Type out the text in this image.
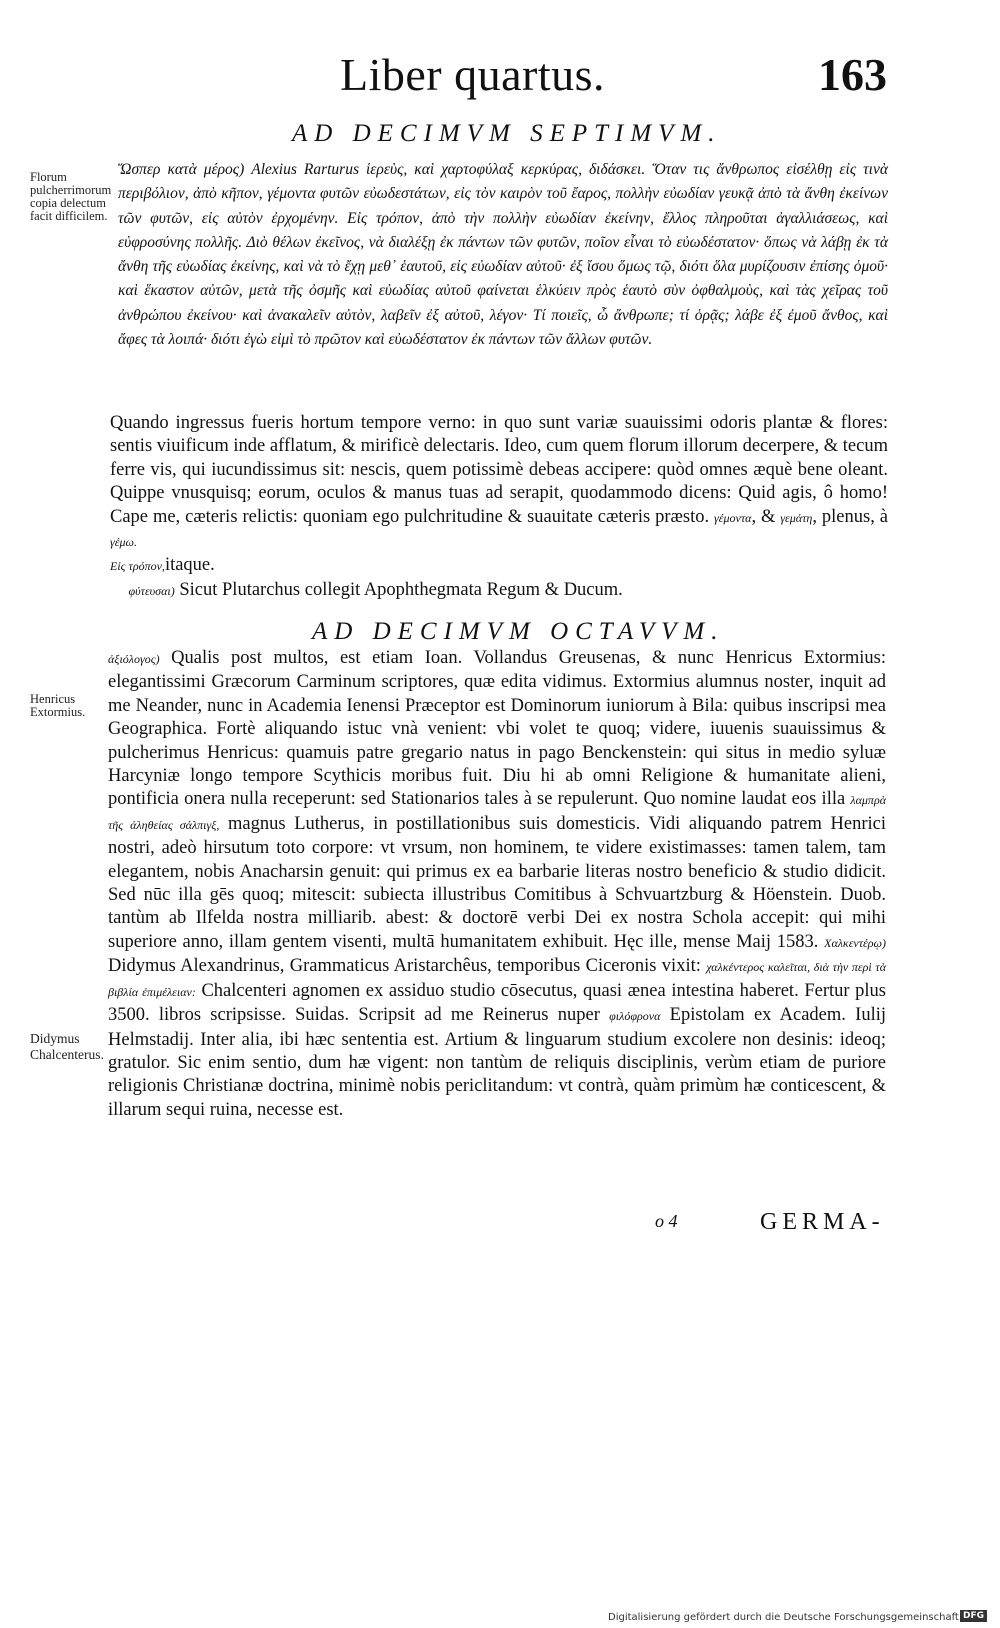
Liber quartus.	163
AD DECIMVM SEPTIMVM.
Florum pulcherrimorum copia delectum facit difficilem.
Ὥσπερ κατὰ μέρος) Alexius Rarturus ἱερεὺς, καὶ χαρτοφύλαξ κερκύρας, διδάσκει. Ὅταν τις ἄνθρωπος εἰσέλθῃ εἰς τινὰ περιβόλιον, ἀπὸ κῆπον, γέμοντα φυτῶν εὐωδεστάτων, εἰς τὸν καιρὸν τοῦ ἔαρος, πολλὴν εὐωδίαν γευκᾷ ἀπὸ τὰ ἄνθη ἐκείνων τῶν φυτῶν, εἰς αὐτὸν ἐρχομένην. Εἰς τρόπον, ἀπὸ τὴν πολλὴν εὐωδίαν ἐκείνην, ἔλλος πληροῦται ἀγαλλιάσεως, καὶ εὐφροσύνης πολλῆς. Διὸ θέλων ἐκεῖνος, νὰ διαλέξῃ ἐκ πάντων τῶν φυτῶν, ποῖον εἶναι τὸ εὐωδέστατον· ὅπως νὰ λάβῃ ἐκ τὰ ἄνθη τῆς εὐωδίας ἐκείνης, καὶ νὰ τὸ ἔχῃ μεθ᾽ ἑαυτοῦ, εἰς εὐωδίαν αὐτοῦ· ἐξ ἴσου ὅμως τῷ, διότι ὅλα μυρίζουσιν ἐπίσης ὁμοῦ· καὶ ἕκαστον αὐτῶν, μετὰ τῆς ὀσμῆς καὶ εὐωδίας αὐτοῦ φαίνεται ἑλκύειν πρὸς ἑαυτὸ σὺν ὀφθαλμοὺς, καὶ τὰς χεῖρας τοῦ ἀνθρώπου ἐκείνου· καὶ ἀνακαλεῖν αὐτὸν, λαβεῖν ἐξ αὐτοῦ, λέγον· Τί ποιεῖς, ὦ ἄνθρωπε; τί ὁρᾷς; λάβε ἐξ ἐμοῦ ἄνθος, καὶ ἄφες τὰ λοιπά· διότι ἐγὼ εἰμὶ τὸ πρῶτον καὶ εὐωδέστατον ἐκ πάντων τῶν ἄλλων φυτῶν.
Quando ingressus fueris hortum tempore verno: in quo sunt variæ suauissimi odoris plantæ & flores: sentis viuificum inde afflatum, & mirificè delectaris. Ideo, cum quem florum illorum decerpere, & tecum ferre vis, qui iucundissimus sit: nescis, quem potissimè debeas accipere: quòd omnes æquè bene oleant. Quippe vnusquisq; eorum, oculos & manus tuas ad serapit, quodammodo dicens: Quid agis, ô homo! Cape me, cæteris relictis: quoniam ego pulchritudine & suauitate cæteris præsto. γέμοντα, & γεμάτη, plenus, à γέμω.
Εἰς τρόπον,itaque.
φύτευσαι) Sicut Plutarchus collegit Apophthegmata Regum & Ducum.
AD DECIMVM OCTAVVM.
Henricus Extormius.
Didymus Chalcenterus.
ἀξιόλογος) Qualis post multos, est etiam Ioan. Vollandus Greusenas, & nunc Henricus Extormius: elegantissimi Græcorum Carminum scriptores, quæ edita vidimus. Extormius alumnus noster, inquit ad me Neander, nunc in Academia Ienensi Præceptor est Dominorum iuniorum à Bila: quibus inscripsi mea Geographica. Fortè aliquando istuc vnà venient: vbi volet te quoq; videre, iuuenis suauissimus & pulcherimus Henricus: quamuis patre gregario natus in pago Benckenstein: qui situs in medio syluæ Harcyniæ longo tempore Scythicis moribus fuit. Diu hi ab omni Religione & humanitate alieni, pontificia onera nulla receperunt: sed Stationarios tales à se repulerunt. Quo nomine laudat eos illa λαμπρὰ τῆς ἀληθείας σάλπιγξ, magnus Lutherus, in postillationibus suis domesticis. Vidi aliquando patrem Henrici nostri, adeò hirsutum toto corpore: vt vrsum, non hominem, te videre existimasses: tamen talem, tam elegantem, nobis Anacharsin genuit: qui primus ex ea barbarie literas nostro beneficio & studio didicit. Sed nūc illa gēs quoq; mitescit: subiecta illustribus Comitibus à Schvuartzburg & Höenstein. Duob. tantùm ab Ilfelda nostra milliarib. abest: & doctorē verbi Dei ex nostra Schola accepit: qui mihi superiore anno, illam gentem visenti, multā humanitatem exhibuit. Hęc ille, mense Maij 1583. Χαλκεντέρῳ) Didymus Alexandrinus, Grammaticus Aristarchêus, temporibus Ciceronis vixit: χαλκέντερος καλεῖται, διὰ τὴν περὶ τὰ βιβλία ἐπιμέλειαν: Chalcenteri agnomen ex assiduo studio cōsecutus, quasi ænea intestina haberet. Fertur plus 3500. libros scripsisse. Suidas. Scripsit ad me Reinerus nuper φιλόφρονα Epistolam ex Academ. Iulij Helmstadij. Inter alia, ibi hæc sententia est. Artium & linguarum studium excolere non desinis: ideoq; gratulor. Sic enim sentio, dum hæ vigent: non tantùm de reliquis disciplinis, verùm etiam de puriore religionis Christianæ doctrina, minimè nobis periclitandum: vt contrà, quàm primùm hæ conticescent, & illarum sequi ruina, necesse est.
o 4	GERMA-
Digitalisierung gefördert durch die Deutsche Forschungsgemeinschaft DFG
